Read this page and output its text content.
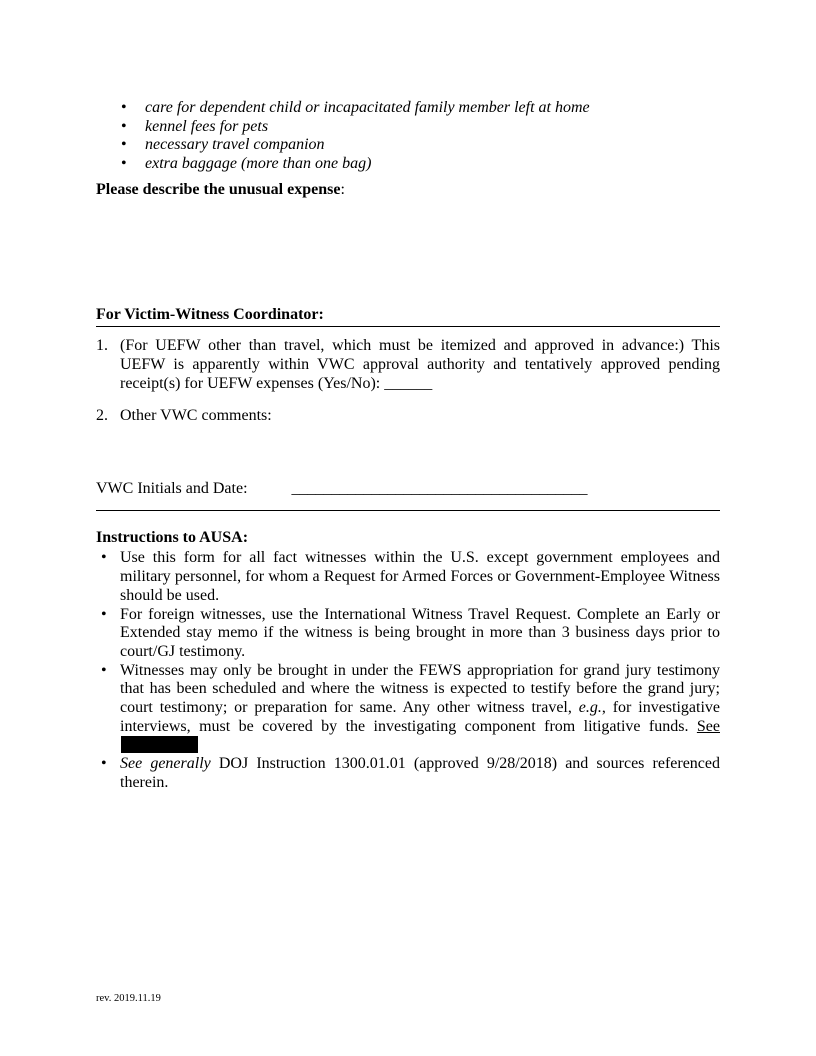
• care for dependent child or incapacitated family member left at home
• kennel fees for pets
• necessary travel companion
• extra baggage (more than one bag)
Please describe the unusual expense:
For Victim-Witness Coordinator:
1. (For UEFW other than travel, which must be itemized and approved in advance:) This UEFW is apparently within VWC approval authority and tentatively approved pending receipt(s) for UEFW expenses (Yes/No): ______
2. Other VWC comments:
VWC Initials and Date:	_____________________________________
Instructions to AUSA:
• Use this form for all fact witnesses within the U.S. except government employees and military personnel, for whom a Request for Armed Forces or Government-Employee Witness should be used.
• For foreign witnesses, use the International Witness Travel Request. Complete an Early or Extended stay memo if the witness is being brought in more than 3 business days prior to court/GJ testimony.
• Witnesses may only be brought in under the FEWS appropriation for grand jury testimony that has been scheduled and where the witness is expected to testify before the grand jury; court testimony; or preparation for same. Any other witness travel, e.g., for investigative interviews, must be covered by the investigating component from litigative funds. See
• See generally DOJ Instruction 1300.01.01 (approved 9/28/2018) and sources referenced therein.
rev. 2019.11.19
